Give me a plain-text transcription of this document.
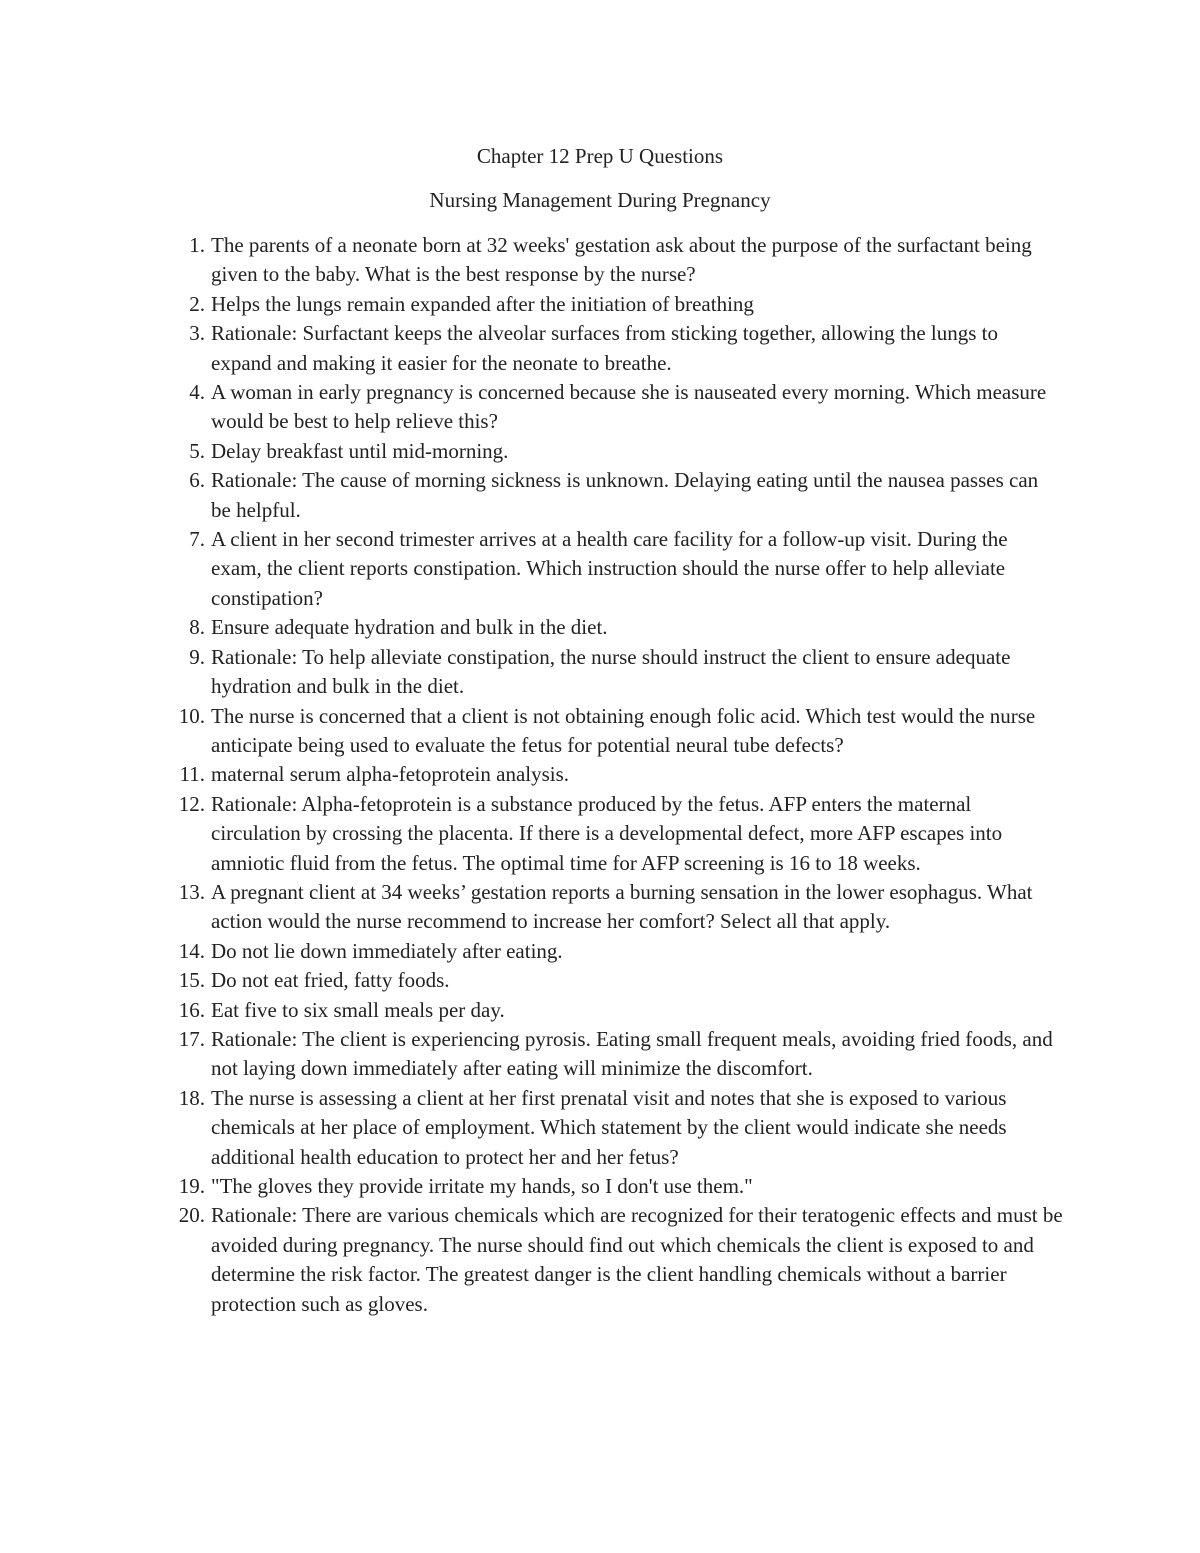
Chapter 12 Prep U Questions

Nursing Management During Pregnancy

1. The parents of a neonate born at 32 weeks' gestation ask about the purpose of the surfactant being given to the baby. What is the best response by the nurse?
2. Helps the lungs remain expanded after the initiation of breathing
3. Rationale: Surfactant keeps the alveolar surfaces from sticking together, allowing the lungs to expand and making it easier for the neonate to breathe.
4. A woman in early pregnancy is concerned because she is nauseated every morning. Which measure would be best to help relieve this?
5. Delay breakfast until mid-morning.
6. Rationale: The cause of morning sickness is unknown. Delaying eating until the nausea passes can be helpful.
7. A client in her second trimester arrives at a health care facility for a follow-up visit. During the exam, the client reports constipation. Which instruction should the nurse offer to help alleviate constipation?
8. Ensure adequate hydration and bulk in the diet.
9. Rationale: To help alleviate constipation, the nurse should instruct the client to ensure adequate hydration and bulk in the diet.
10. The nurse is concerned that a client is not obtaining enough folic acid. Which test would the nurse anticipate being used to evaluate the fetus for potential neural tube defects?
11. maternal serum alpha-fetoprotein analysis.
12. Rationale: Alpha-fetoprotein is a substance produced by the fetus. AFP enters the maternal circulation by crossing the placenta. If there is a developmental defect, more AFP escapes into amniotic fluid from the fetus. The optimal time for AFP screening is 16 to 18 weeks.
13. A pregnant client at 34 weeks’ gestation reports a burning sensation in the lower esophagus. What action would the nurse recommend to increase her comfort? Select all that apply.
14. Do not lie down immediately after eating.
15. Do not eat fried, fatty foods.
16. Eat five to six small meals per day.
17. Rationale: The client is experiencing pyrosis. Eating small frequent meals, avoiding fried foods, and not laying down immediately after eating will minimize the discomfort.
18. The nurse is assessing a client at her first prenatal visit and notes that she is exposed to various chemicals at her place of employment. Which statement by the client would indicate she needs additional health education to protect her and her fetus?
19. "The gloves they provide irritate my hands, so I don't use them."
20. Rationale: There are various chemicals which are recognized for their teratogenic effects and must be avoided during pregnancy. The nurse should find out which chemicals the client is exposed to and determine the risk factor. The greatest danger is the client handling chemicals without a barrier protection such as gloves.
